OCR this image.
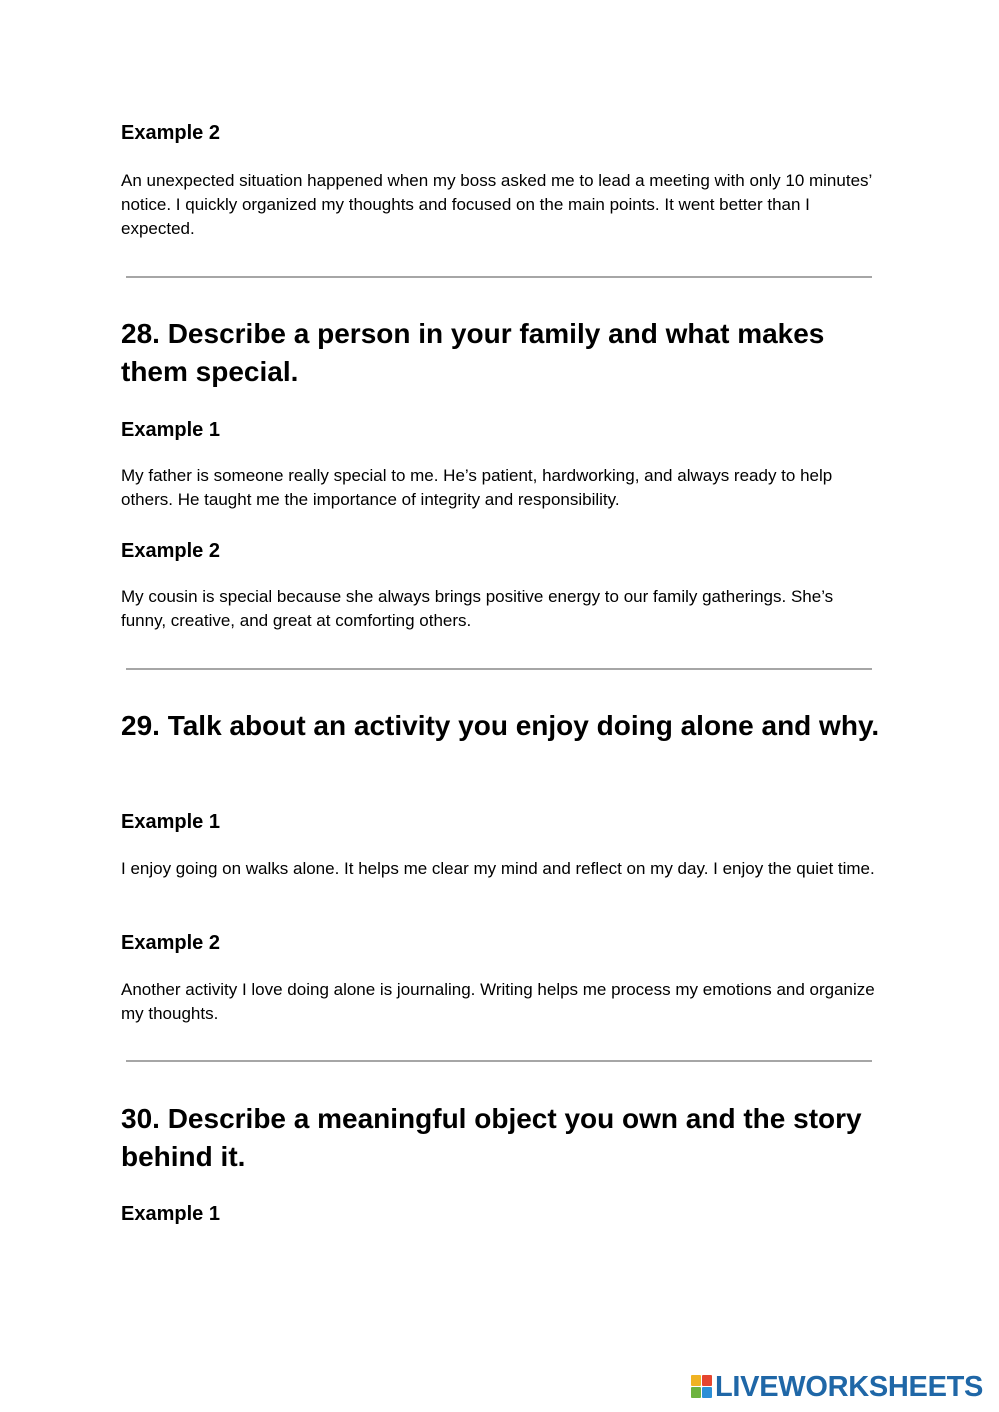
Example 2

An unexpected situation happened when my boss asked me to lead a meeting with only 10 minutes’ notice. I quickly organized my thoughts and focused on the main points. It went better than I expected.

28. Describe a person in your family and what makes them special.
Example 1

My father is someone really special to me. He’s patient, hardworking, and always ready to help others. He taught me the importance of integrity and responsibility.

Example 2

My cousin is special because she always brings positive energy to our family gatherings. She’s funny, creative, and great at comforting others.

29. Talk about an activity you enjoy doing alone and why.
Example 1

I enjoy going on walks alone. It helps me clear my mind and reflect on my day. I enjoy the quiet time.

Example 2

Another activity I love doing alone is journaling. Writing helps me process my emotions and organize my thoughts.

30. Describe a meaningful object you own and the story behind it.
Example 1
LIVEWORKSHEETS
